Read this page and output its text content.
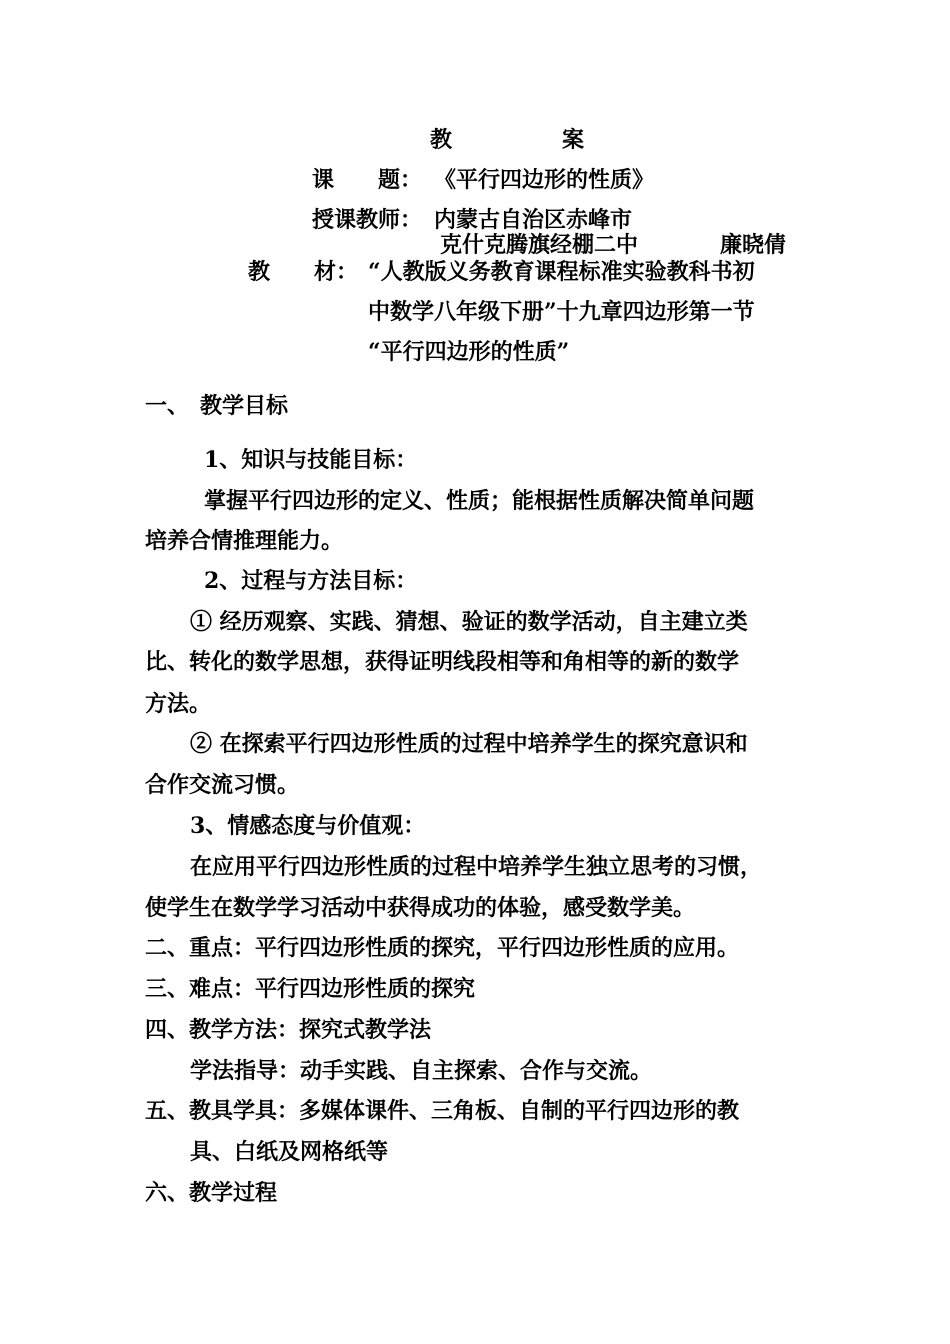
教	案
课　　题： 《平行四边形的性质》
授课教师： 内蒙古自治区赤峰市
克什克腾旗经棚二中	廉晓倩
教　　材： “人教版义务教育课程标准实验教科书初
中数学八年级下册”十九章四边形第一节
“平行四边形的性质”
一、　教学目标
1、知识与技能目标：
掌握平行四边形的定义、性质；能根据性质解决简单问题
培养合情推理能力。
2、过程与方法目标：
① 经历观察、实践、猜想、验证的数学活动，自主建立类
比、转化的数学思想，获得证明线段相等和角相等的新的数学
方法。
② 在探索平行四边形性质的过程中培养学生的探究意识和
合作交流习惯。
3、情感态度与价值观：
在应用平行四边形性质的过程中培养学生独立思考的习惯，
使学生在数学学习活动中获得成功的体验，感受数学美。
二、重点：平行四边形性质的探究，平行四边形性质的应用。
三、难点：平行四边形性质的探究
四、教学方法：探究式教学法
学法指导：动手实践、自主探索、合作与交流。
五、教具学具：多媒体课件、三角板、自制的平行四边形的教
具、白纸及网格纸等
六、教学过程
